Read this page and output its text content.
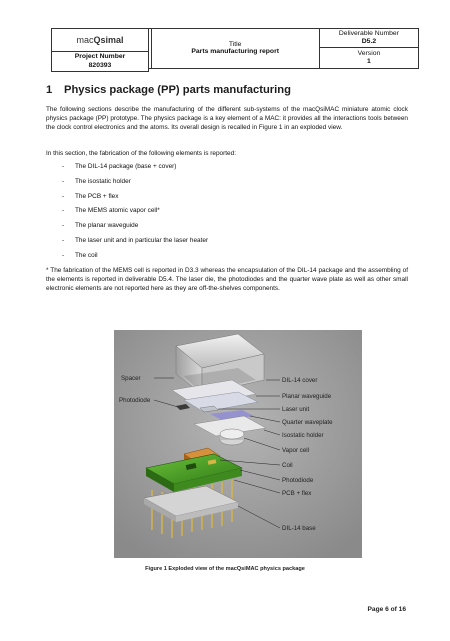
Title
Parts manufacturing report

Deliverable Number
D5.2

Version
1
Project Number
820393
macQsimal
1 Physics package (PP) parts manufacturing
The following sections describe the manufacturing of the different sub-systems of the macQsiMAC miniature atomic clock physics package (PP) prototype. The physics package is a key element of a MAC: it provides all the interactions tools between the clock control electronics and the atoms. Its overall design is recalled in Figure 1 in an exploded view.
In this section, the fabrication of the following elements is reported:
- The DIL-14 package (base + cover)
- The isostatic holder
- The PCB + flex
- The MEMS atomic vapor cell*
- The planar waveguide
- The laser unit and in particular the laser heater
- The coil
* The fabrication of the MEMS cell is reported in D3.3 whereas the encapsulation of the DIL-14 package and the assembling of the elements is reported in deliverable D5.4. The laser die, the photodiodes and the quarter wave plate as well as other small electronic elements are not reported here as they are off-the-shelves components.
Spacer	DIL-14 cover
Photodiode
Planar waveguide
Laser unit
Quarter waveplate
Isostatic holder
Vapor cell
Coil
Photodiode
PCB + flex
DIL-14 base
Figure 1 Exploded view of the macQsiMAC physics package
Page 6 of 16
